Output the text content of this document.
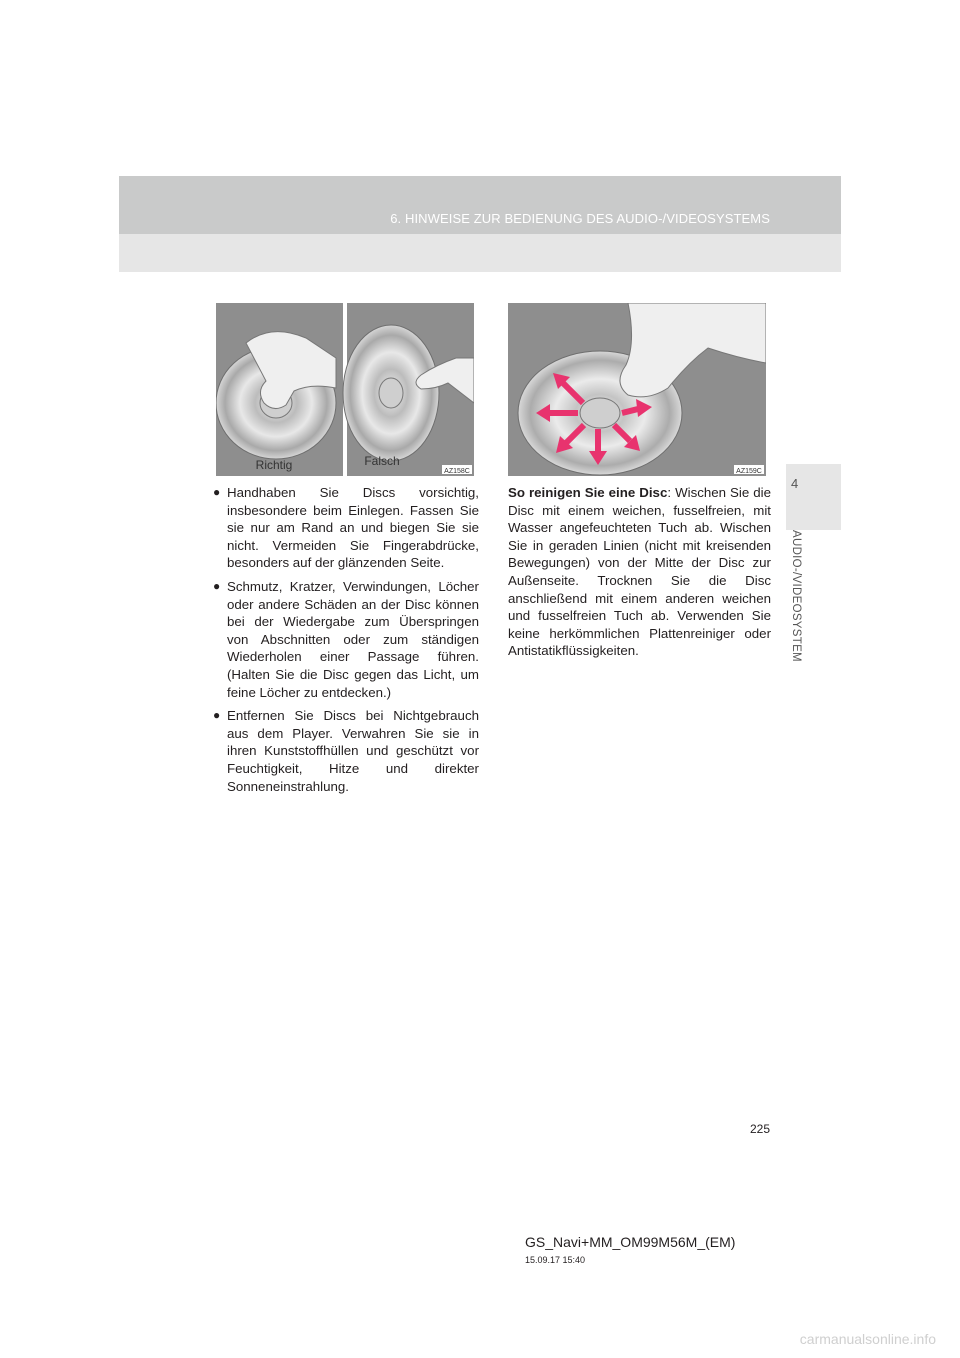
6. HINWEISE ZUR BEDIENUNG DES AUDIO-/VIDEOSYSTEMS
4
AUDIO-/VIDEOSYSTEM
Richtig	Falsch
AZ158C	AZ159C
● Handhaben Sie Discs vorsichtig, insbesondere beim Einlegen. Fassen Sie sie nur am Rand an und biegen Sie sie nicht. Vermeiden Sie Fingerabdrücke, besonders auf der glänzenden Seite.
● Schmutz, Kratzer, Verwindungen, Löcher oder andere Schäden an der Disc können bei der Wiedergabe zum Überspringen von Abschnitten oder zum ständigen Wiederholen einer Passage führen. (Halten Sie die Disc gegen das Licht, um feine Löcher zu entdecken.)
● Entfernen Sie Discs bei Nichtgebrauch aus dem Player. Verwahren Sie sie in ihren Kunststoffhüllen und geschützt vor Feuchtigkeit, Hitze und direkter Sonneneinstrahlung.
So reinigen Sie eine Disc: Wischen Sie die Disc mit einem weichen, fusselfreien, mit Wasser angefeuchteten Tuch ab. Wischen Sie in geraden Linien (nicht mit kreisenden Bewegungen) von der Mitte der Disc zur Außenseite. Trocknen Sie die Disc anschließend mit einem anderen weichen und fusselfreien Tuch ab. Verwenden Sie keine herkömmlichen Plattenreiniger oder Antistatikflüssigkeiten.
225
GS_Navi+MM_OM99M56M_(EM)
15.09.17 15:40
carmanualsonline.info
